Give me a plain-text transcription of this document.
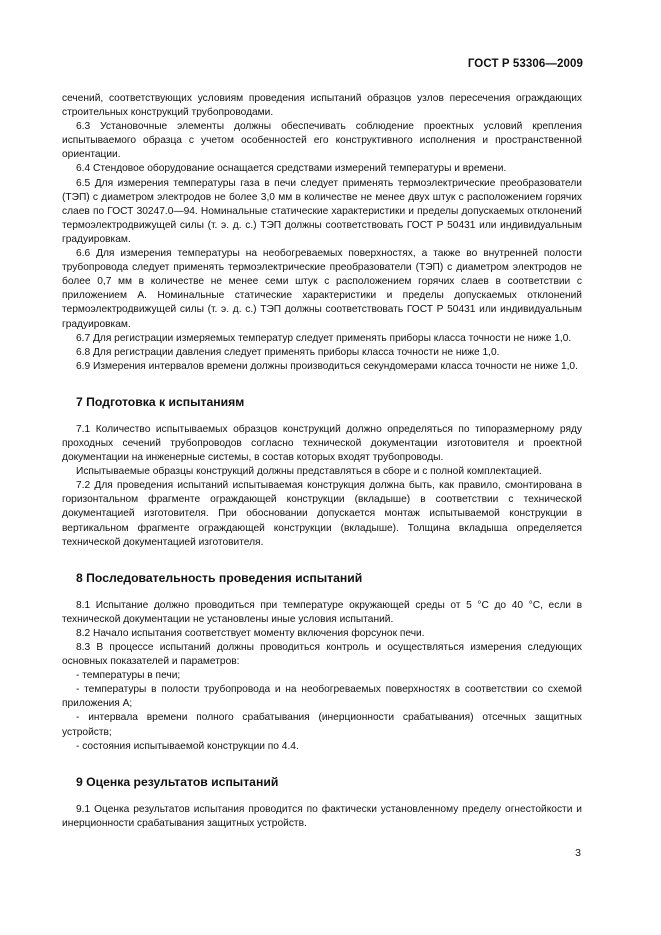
ГОСТ Р 53306—2009

сечений, соответствующих условиям проведения испытаний образцов узлов пересечения ограждающих строительных конструкций трубопроводами.

6.3 Установочные элементы должны обеспечивать соблюдение проектных условий крепления испытываемого образца с учетом особенностей его конструктивного исполнения и пространственной ориентации.

6.4 Стендовое оборудование оснащается средствами измерений температуры и времени.

6.5 Для измерения температуры газа в печи следует применять термоэлектрические преобразователи (ТЭП) с диаметром электродов не более 3,0 мм в количестве не менее двух штук с расположением горячих слаев по ГОСТ 30247.0—94. Номинальные статические характеристики и пределы допускаемых отклонений термоэлектродвижущей силы (т. э. д. с.) ТЭП должны соответствовать ГОСТ Р 50431 или индивидуальным градуировкам.

6.6 Для измерения температуры на необогреваемых поверхностях, а также во внутренней полости трубопровода следует применять термоэлектрические преобразователи (ТЭП) с диаметром электродов не более 0,7 мм в количестве не менее семи штук с расположением горячих слаев в соответствии с приложением А. Номинальные статические характеристики и пределы допускаемых отклонений термоэлектродвижущей силы (т. э. д. с.) ТЭП должны соответствовать ГОСТ Р 50431 или индивидуальным градуировкам.

6.7 Для регистрации измеряемых температур следует применять приборы класса точности не ниже 1,0.

6.8 Для регистрации давления следует применять приборы класса точности не ниже 1,0.

6.9 Измерения интервалов времени должны производиться секундомерами класса точности не ниже 1,0.

7 Подготовка к испытаниям

7.1 Количество испытываемых образцов конструкций должно определяться по типоразмерному ряду проходных сечений трубопроводов согласно технической документации изготовителя и проектной документации на инженерные системы, в состав которых входят трубопроводы.

Испытываемые образцы конструкций должны представляться в сборе и с полной комплектацией.

7.2 Для проведения испытаний испытываемая конструкция должна быть, как правило, смонтирована в горизонтальном фрагменте ограждающей конструкции (вкладыше) в соответствии с технической документацией изготовителя. При обосновании допускается монтаж испытываемой конструкции в вертикальном фрагменте ограждающей конструкции (вкладыше). Толщина вкладыша определяется технической документацией изготовителя.

8 Последовательность проведения испытаний

8.1 Испытание должно проводиться при температуре окружающей среды от 5 °С до 40 °С, если в технической документации не установлены иные условия испытаний.

8.2 Начало испытания соответствует моменту включения форсунок печи.

8.3 В процессе испытаний должны проводиться контроль и осуществляться измерения следующих основных показателей и параметров:

- температуры в печи;
- температуры в полости трубопровода и на необогреваемых поверхностях в соответствии со схемой приложения А;
- интервала времени полного срабатывания (инерционности срабатывания) отсечных защитных устройств;
- состояния испытываемой конструкции по 4.4.
9 Оценка результатов испытаний

9.1 Оценка результатов испытания проводится по фактически установленному пределу огнестойкости и инерционности срабатывания защитных устройств.

3
